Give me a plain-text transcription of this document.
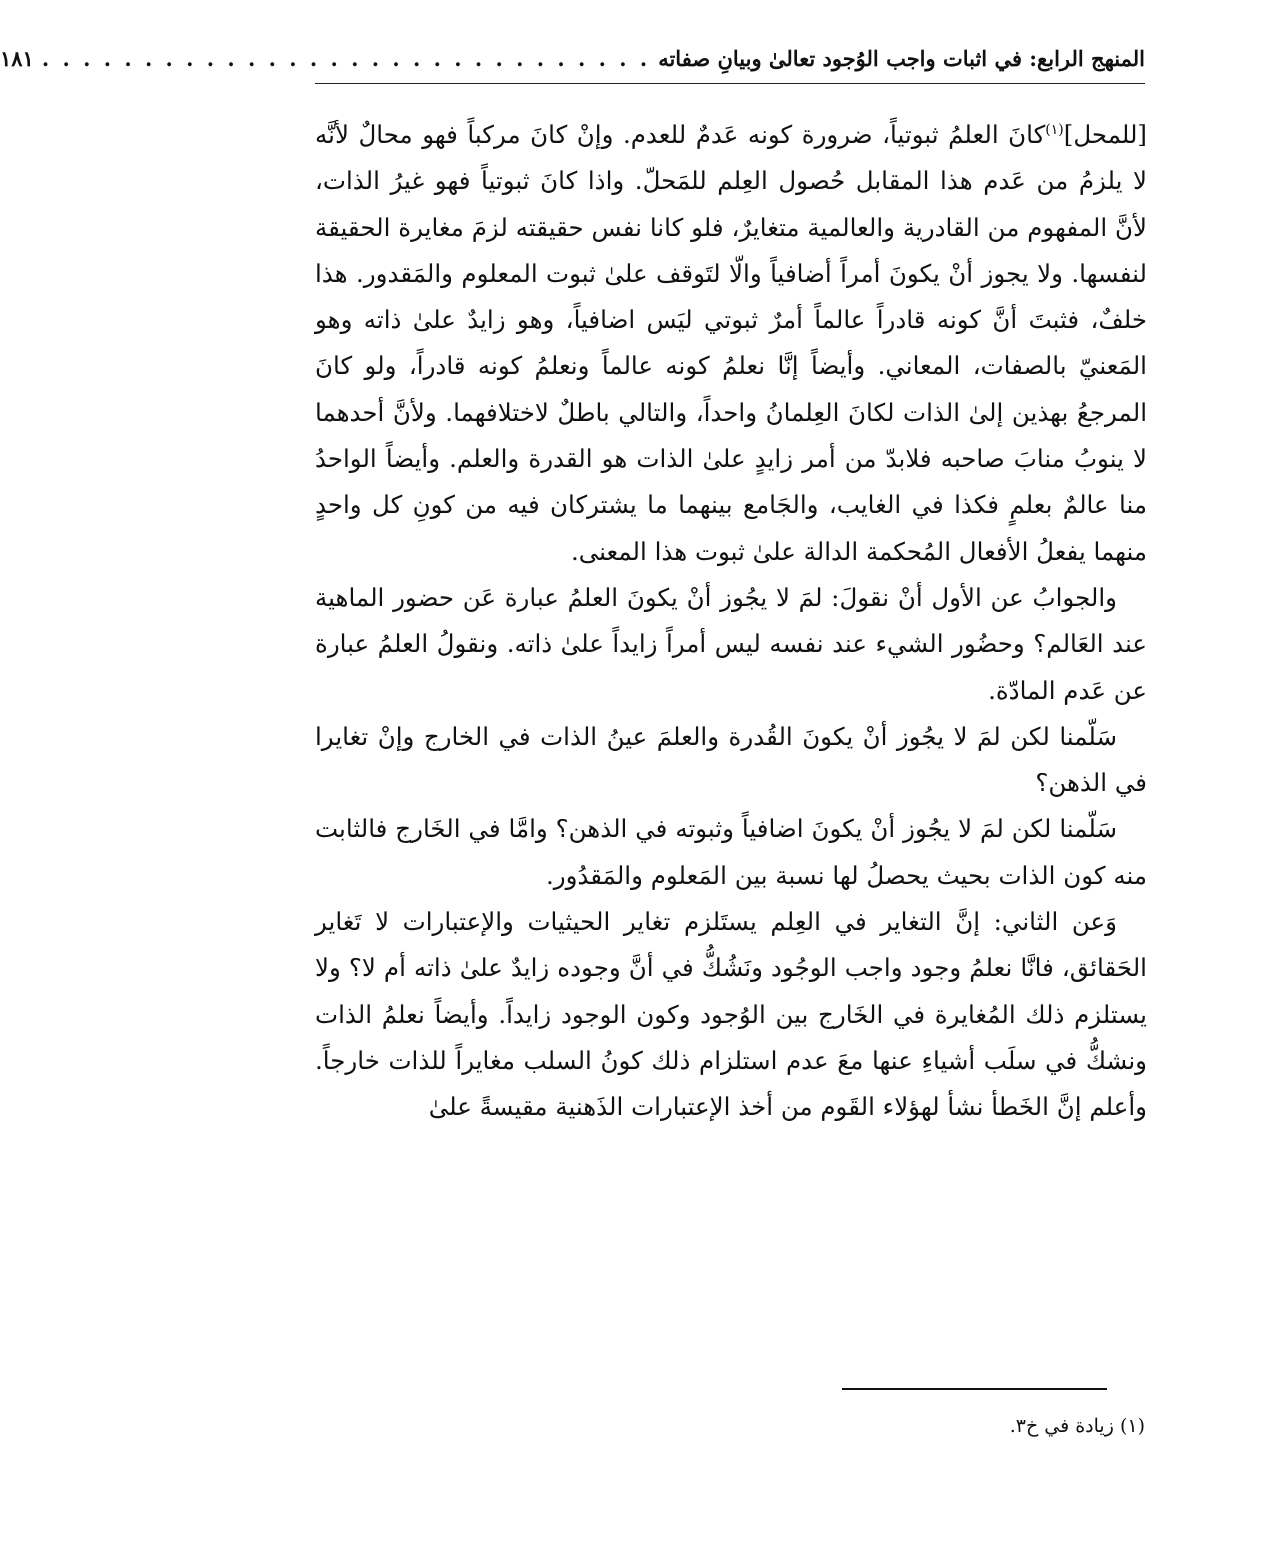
المنهج الرابع: في اثبات واجب الوُجود تعالىٰ وبيانِ صفاته
. . . . . . . . . . . . . . . . . . . . . . . . . . . . . .
١٨١

[للمحل]$^{(١)}$كانَ العلمُ ثبوتياً، ضرورة كونه عَدمٌ للعدم. وإنْ كانَ مركباً فهو محالٌ لأنَّه لا يلزمُ من عَدم هذا المقابل حُصول العِلم للمَحلّ. واذا كانَ ثبوتياً فهو غيرُ الذات، لأنَّ المفهوم من القادرية والعالمية متغايرٌ، فلو كانا نفس حقيقته لزمَ مغايرة الحقيقة لنفسها. ولا يجوز أنْ يكونَ أمراً أضافياً والّا لتَوقف علىٰ ثبوت المعلوم والمَقدور. هذا خلفٌ، فثبتَ أنَّ كونه قادراً عالماً أمرٌ ثبوتي ليَس اضافياً، وهو زايدٌ علىٰ ذاته وهو المَعنيّ بالصفات، المعاني. وأيضاً إنَّا نعلمُ كونه عالماً ونعلمُ كونه قادراً، ولو كانَ المرجعُ بهذين إلىٰ الذات لكانَ العِلمانُ واحداً، والتالي باطلٌ لاختلافهما. ولأنَّ أحدهما لا ينوبُ منابَ صاحبه فلابدّ من أمر زايدٍ علىٰ الذات هو القدرة والعلم. وأيضاً الواحدُ منا عالمٌ بعلمٍ فكذا في الغايب، والجَامع بينهما ما يشتركان فيه من كونِ كل واحدٍ منهما يفعلُ الأفعال المُحكمة الدالة علىٰ ثبوت هذا المعنى.

والجوابُ عن الأول أنْ نقولَ: لمَ لا يجُوز أنْ يكونَ العلمُ عبارة عَن حضور الماهية عند العَالم؟ وحضُور الشيء عند نفسه ليس أمراً زايداً علىٰ ذاته. ونقولُ العلمُ عبارة عن عَدم المادّة.

سَلّمنا لكن لمَ لا يجُوز أنْ يكونَ القُدرة والعلمَ عينُ الذات في الخارج وإنْ تغايرا في الذهن؟

سَلّمنا لكن لمَ لا يجُوز أنْ يكونَ اضافياً وثبوته في الذهن؟ وامَّا في الخَارج فالثابت منه كون الذات بحيث يحصلُ لها نسبة بين المَعلوم والمَقدُور.

وَعن الثاني: إنَّ التغاير في العِلم يستَلزم تغاير الحيثيات والإعتبارات لا تَغاير الحَقائق، فانَّا نعلمُ وجود واجب الوجُود ونَشُكُّ في أنَّ وجوده زايدٌ علىٰ ذاته أم لا؟ ولا يستلزم ذلك المُغايرة في الخَارج بين الوُجود وكون الوجود زايداً. وأيضاً نعلمُ الذات ونشكُّ في سلَب أشياءِ عنها معَ عدم استلزام ذلك كونُ السلب مغايراً للذات خارجاً. وأعلم إنَّ الخَطأ نشأ لهؤلاء القَوم من أخذ الإعتبارات الذَهنية مقيسةً علىٰ

(١) زيادة في خ٣.
